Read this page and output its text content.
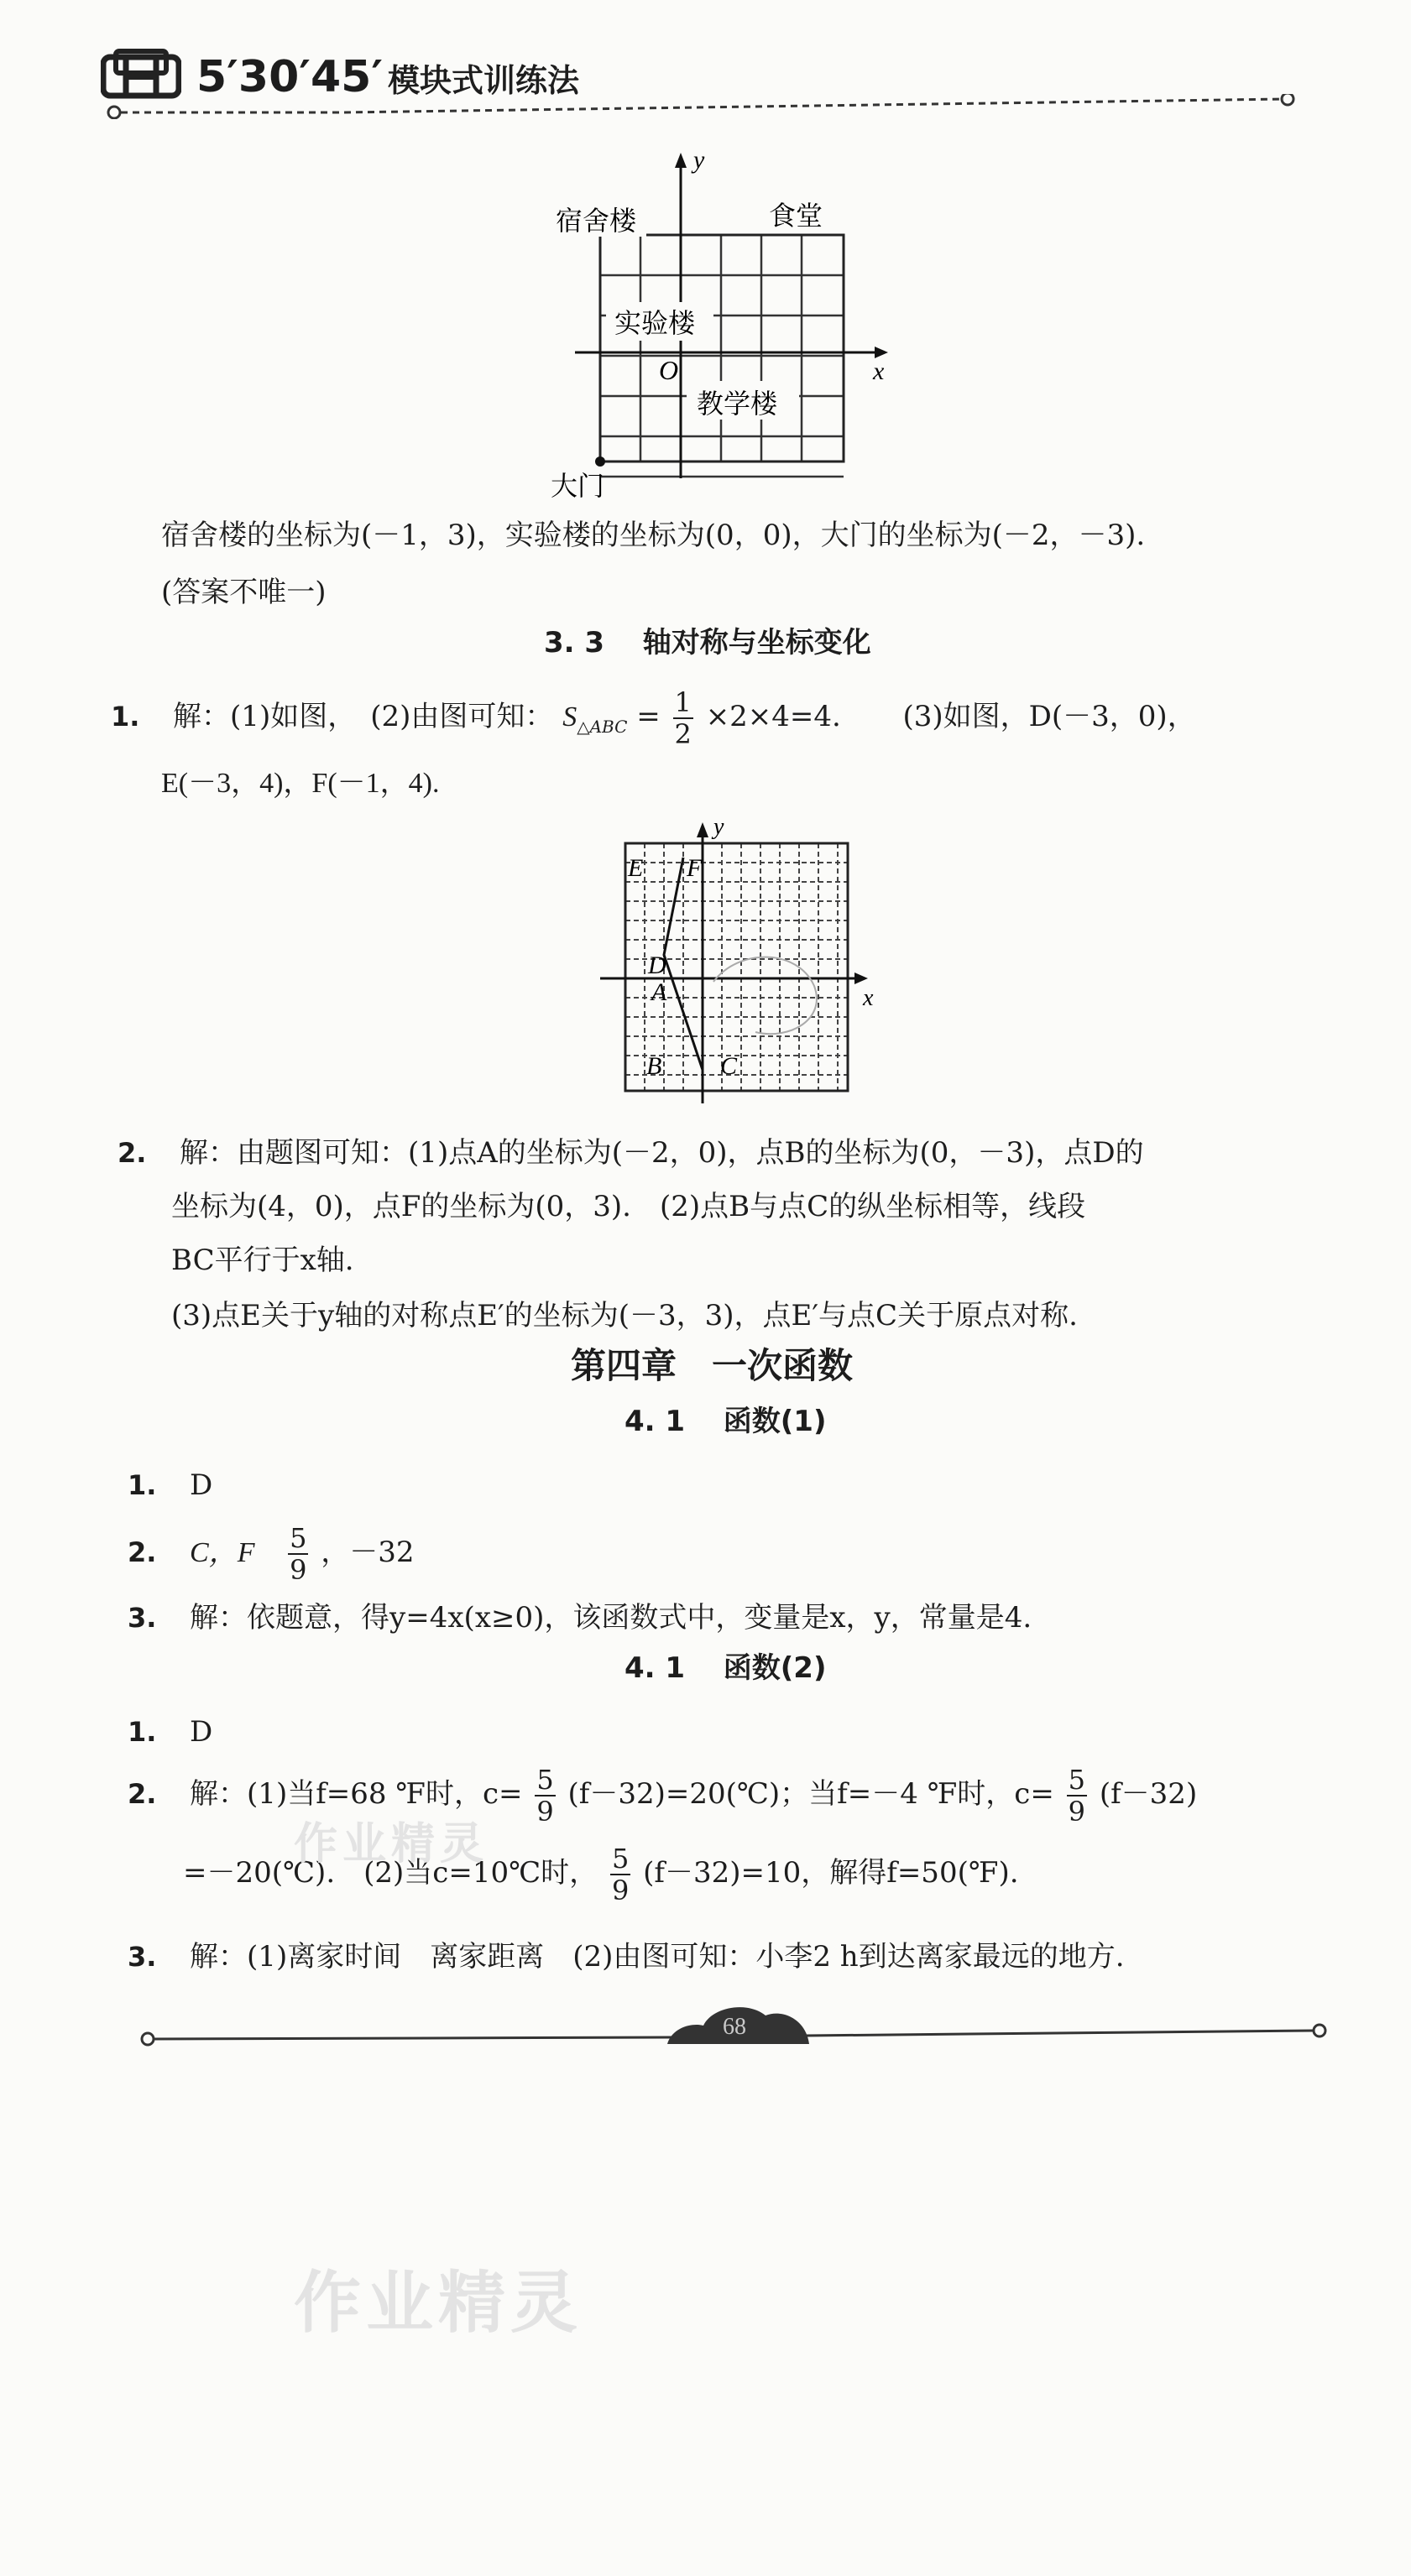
5′30′45′ 模块式训练法
y
x
O
宿舍楼	食堂
实验楼
教学楼
大门
宿舍楼的坐标为(－1，3)，实验楼的坐标为(0，0)，大门的坐标为(－2，－3).
(答案不唯一)
3. 3 轴对称与坐标变化
1. 解：(1)如图，　(2)由图可知： $S_{\triangle ABC} = \frac{1}{2} \times 2\times 4=4$. (3)如图，D(－3，0)，
E(－3，4)，F(－1，4).
y
x
E F
D
A
B C
2. 解：由题图可知：(1)点A的坐标为(－2，0)，点B的坐标为(0，－3)，点D的
坐标为(4，0)，点F的坐标为(0，3).　(2)点B与点C的纵坐标相等，线段
BC平行于x轴.
(3)点E关于y轴的对称点E′的坐标为(－3，3)，点E′与点C关于原点对称.
第四章　一次函数
4. 1 函数(1)
1. D
2. C，F $\frac{5}{9}$ ，－32
3. 解：依题意，得y=4x(x≥0)，该函数式中，变量是x，y，常量是4.
4. 1 函数(2)
1. D
2. 解：(1)当f=68 ℉时，$c= \frac{5}{9}$ (f－32)=20(℃)；当f=－4 ℉时，$c= \frac{5}{9} (f-32)$
=－20(℃).　(2)当c=10℃时， $\frac{5}{9} (f-32)=10$，解得f=50(℉).
3. 解：(1)离家时间　离家距离　(2)由图可知：小李2 h到达离家最远的地方.
68
作业精灵
作业精灵
